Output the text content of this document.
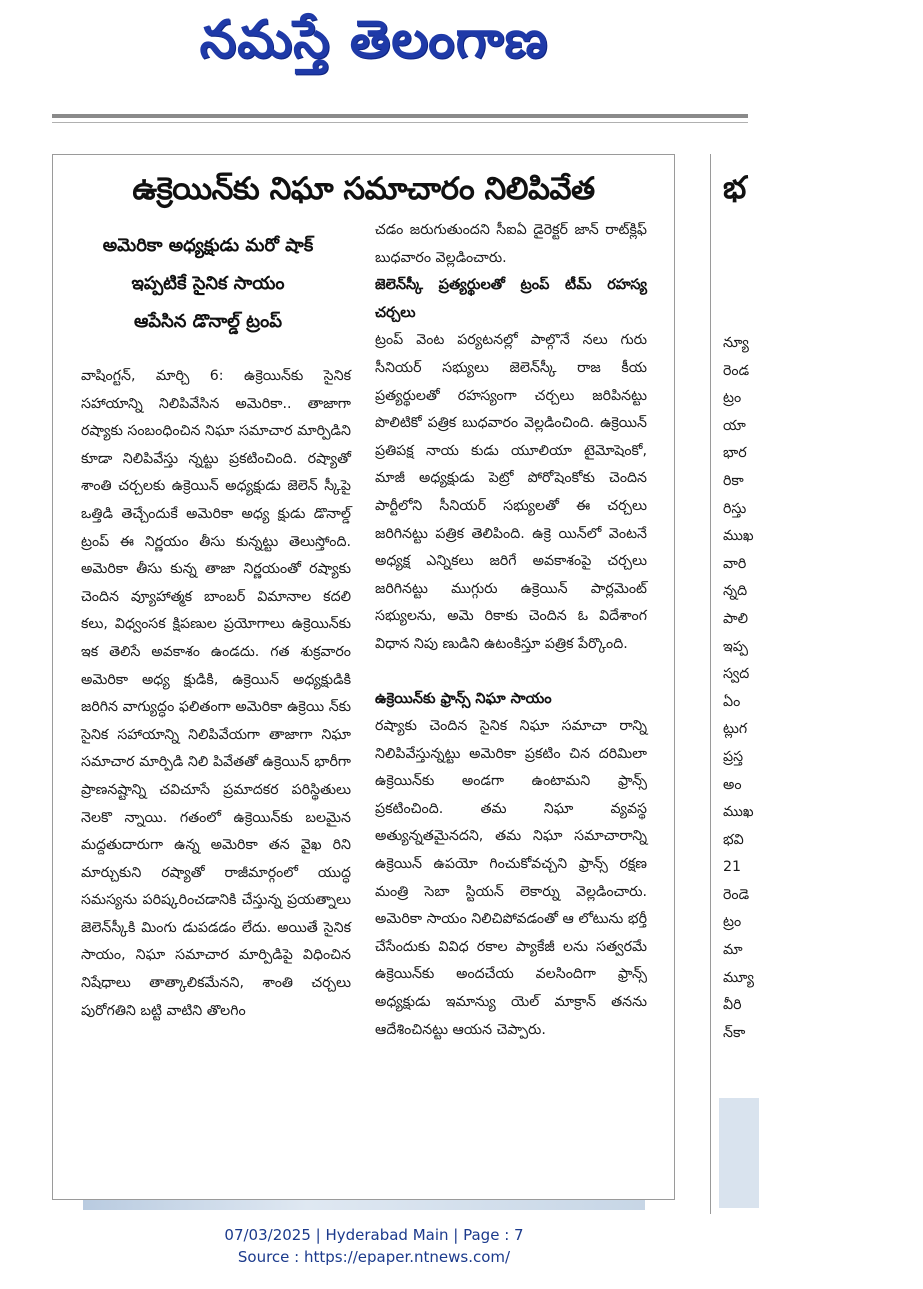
నమస్తే తెలంగాణ
ఉక్రెయిన్‌కు నిఘా సమాచారం నిలిపివేత
అమెరికా అధ్యక్షుడు మరో షాక్
ఇప్పటికే సైనిక సాయం
ఆపేసిన డొనాల్డ్ ట్రంప్

వాషింగ్టన్, మార్చి 6: ఉక్రెయిన్‌కు సైనిక సహాయాన్ని నిలిపివేసిన అమెరికా.. తాజాగా రష్యాకు సంబంధించిన నిఘా సమాచార మార్పిడిని కూడా నిలిపివేస్తు న్నట్టు ప్రకటించింది. రష్యాతో శాంతి చర్చలకు ఉక్రెయిన్ అధ్యక్షుడు జెలెన్ స్కీపై ఒత్తిడి తెచ్చేందుకే అమెరికా అధ్య క్షుడు డొనాల్డ్ ట్రంప్ ఈ నిర్ణయం తీసు కున్నట్టు తెలుస్తోంది. అమెరికా తీసు కున్న తాజా నిర్ణయంతో రష్యాకు చెందిన వ్యూహాత్మక బాంబర్ విమానాల కదలి కలు, విధ్వంసక క్షిపణుల ప్రయోగాలు ఉక్రెయిన్‌కు ఇక తెలిసే అవకాశం ఉండదు. గత శుక్రవారం అమెరికా అధ్య క్షుడికి, ఉక్రెయిన్ అధ్యక్షుడికి జరిగిన వాగ్యుద్ధం ఫలితంగా అమెరికా ఉక్రెయి న్‌కు సైనిక సహాయాన్ని నిలిపివేయగా తాజాగా నిఘా సమాచార మార్పిడి నిలి పివేతతో ఉక్రెయిన్ భారీగా ప్రాణనష్టాన్ని చవిచూసే ప్రమాదకర పరిస్థితులు నెలకొ న్నాయి. గతంలో ఉక్రెయిన్‌కు బలమైన మద్దతుదారుగా ఉన్న అమెరికా తన వైఖ రిని మార్చుకుని రష్యాతో రాజీమార్గంలో యుద్ధ సమస్యను పరిష్కరించడానికి చేస్తున్న ప్రయత్నాలు జెలెన్‌స్కీకి మింగు డుపడడం లేదు. అయితే సైనిక సాయం, నిఘా సమాచార మార్పిడిపై విధించిన నిషేధాలు తాత్కాలికమేనని, శాంతి చర్చలు పురోగతిని బట్టి వాటిని తొలగిం

చడం జరుగుతుందని సీఐఏ డైరెక్టర్ జాన్ రాట్‌క్లిఫ్ బుధవారం వెల్లడించారు.

జెలెన్‌స్కీ ప్రత్యర్థులతో ట్రంప్ టీమ్ రహస్య చర్చలు

ట్రంప్ వెంట పర్యటనల్లో పాల్గొనే నలు గురు సీనియర్ సభ్యులు జెలెన్‌స్కీ రాజ కీయ ప్రత్యర్థులతో రహస్యంగా చర్చలు జరిపినట్టు పొలిటికో పత్రిక బుధవారం వెల్లడించింది. ఉక్రెయిన్ ప్రతిపక్ష నాయ కుడు యూలియా టైమోషెంకో, మాజీ అధ్యక్షుడు పెట్రో పోరోషెంకోకు చెందిన పార్టీలోని సీనియర్ సభ్యులతో ఈ చర్చలు జరిగినట్టు పత్రిక తెలిపింది. ఉక్రె యిన్‌లో వెంటనే అధ్యక్ష ఎన్నికలు జరిగే అవకాశంపై చర్చలు జరిగినట్టు ముగ్గురు ఉక్రెయిన్ పార్లమెంట్ సభ్యులను, అమె రికాకు చెందిన ఓ విదేశాంగ విధాన నిపు ణుడిని ఉటంకిస్తూ పత్రిక పేర్కొంది.

ఉక్రెయిన్‌కు ఫ్రాన్స్ నిఘా సాయం

రష్యాకు చెందిన సైనిక నిఘా సమాచా రాన్ని నిలిపివేస్తున్నట్టు అమెరికా ప్రకటిం చిన దరిమిలా ఉక్రెయిన్‌కు అండగా ఉంటామని ఫ్రాన్స్ ప్రకటించింది. తమ నిఘా వ్యవస్థ అత్యున్నతమైనదని, తమ నిఘా సమాచారాన్ని ఉక్రెయిన్ ఉపయో గించుకోవచ్చని ఫ్రాన్స్ రక్షణ మంత్రి సెబా స్టియన్ లెకార్ను వెల్లడించారు. అమెరికా సాయం నిలిచిపోవడంతో ఆ లోటును భర్తీ చేసేందుకు వివిధ రకాల ప్యాకేజీ లను సత్వరమే ఉక్రెయిన్‌కు అందచేయ వలసిందిగా ఫ్రాన్స్ అధ్యక్షుడు ఇమాన్యు యెల్ మాక్రాన్ తనను ఆదేశించినట్టు ఆయన చెప్పారు.

భ
న్యూ
రెండ
ట్రం
యా
భార
రికా
రిస్తు
ముఖ
వారి
న్నది
పాలి
ఇప్ప
స్వద
ఏం
ట్లుగ
ప్రస్త
అం
ముఖ
భవి
21
రెండె
ట్రం
మా
మ్యూ
వీరి
న్‌కా
07/03/2025 | Hyderabad Main | Page : 7
Source : https://epaper.ntnews.com/
